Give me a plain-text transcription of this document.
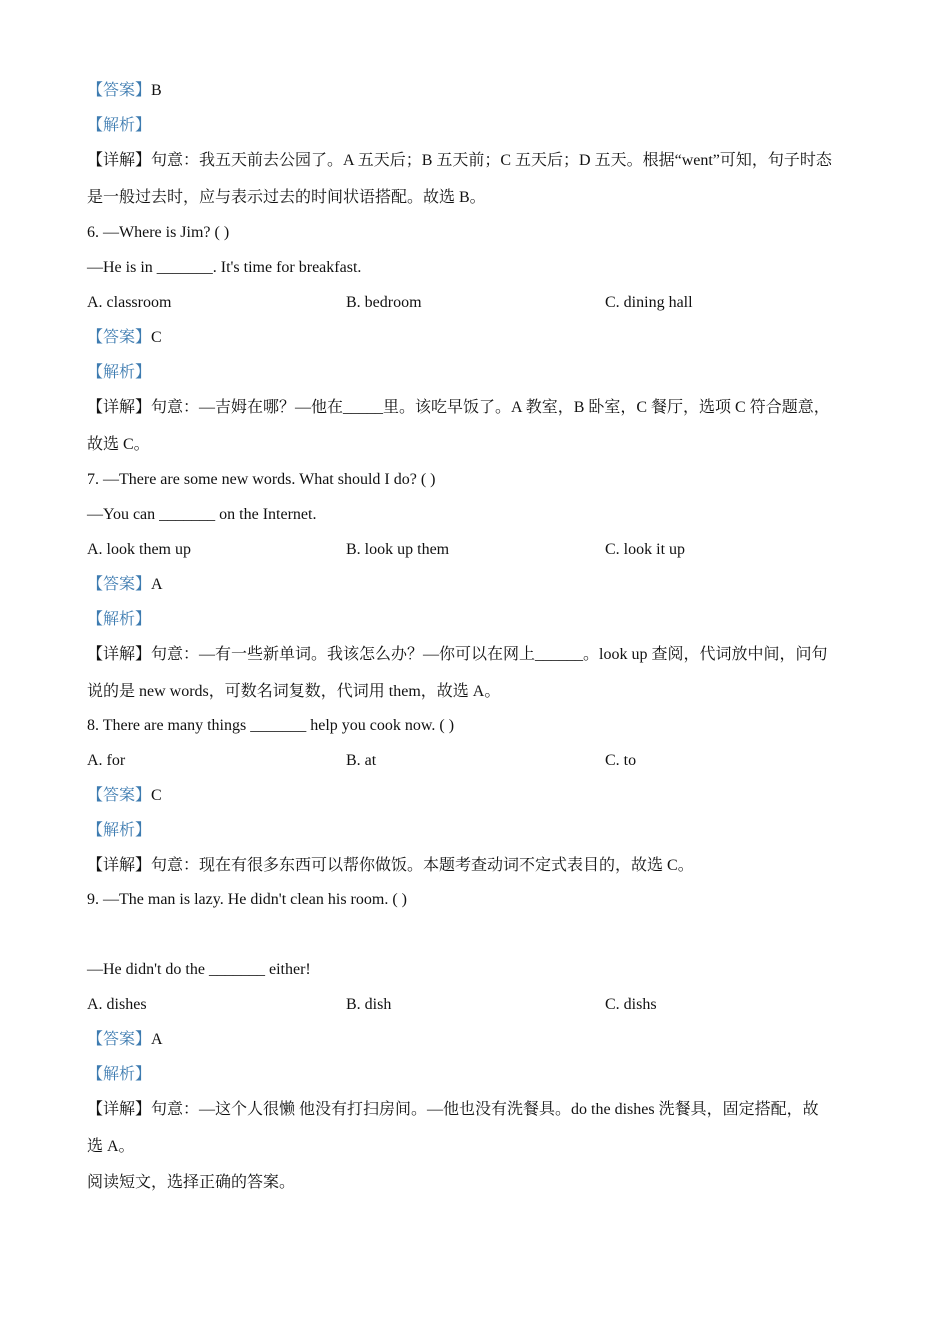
【答案】B
【解析】
【详解】句意：我五天前去公园了。A 五天后；B 五天前；C 五天后；D 五天。根据“went”可知，句子时态
是一般过去时，应与表示过去的时间状语搭配。故选 B。
6. —Where is Jim? ( )
—He is in _______. It's time for breakfast.
A. classroom	B. bedroom	C. dining hall
【答案】C
【解析】
【详解】句意：—吉姆在哪？—他在_____里。该吃早饭了。A 教室，B 卧室，C 餐厅，选项 C 符合题意，
故选 C。
7. —There are some new words. What should I do? ( )
—You can _______ on the Internet.
A. look them up	B. look up them	C. look it up
【答案】A
【解析】
【详解】句意：—有一些新单词。我该怎么办？—你可以在网上______。look up 查阅，代词放中间，问句
说的是 new words，可数名词复数，代词用 them，故选 A。
8. There are many things _______ help you cook now. ( )
A. for	B. at	C. to
【答案】C
【解析】
【详解】句意：现在有很多东西可以帮你做饭。本题考查动词不定式表目的，故选 C。
9. —The man is lazy. He didn't clean his room. ( )
—He didn't do the _______ either!
A. dishes	B. dish	C. dishs
【答案】A
【解析】
【详解】句意：—这个人很懒 他没有打扫房间。—他也没有洗餐具。do the dishes 洗餐具，固定搭配，故
选 A。
阅读短文，选择正确的答案。
